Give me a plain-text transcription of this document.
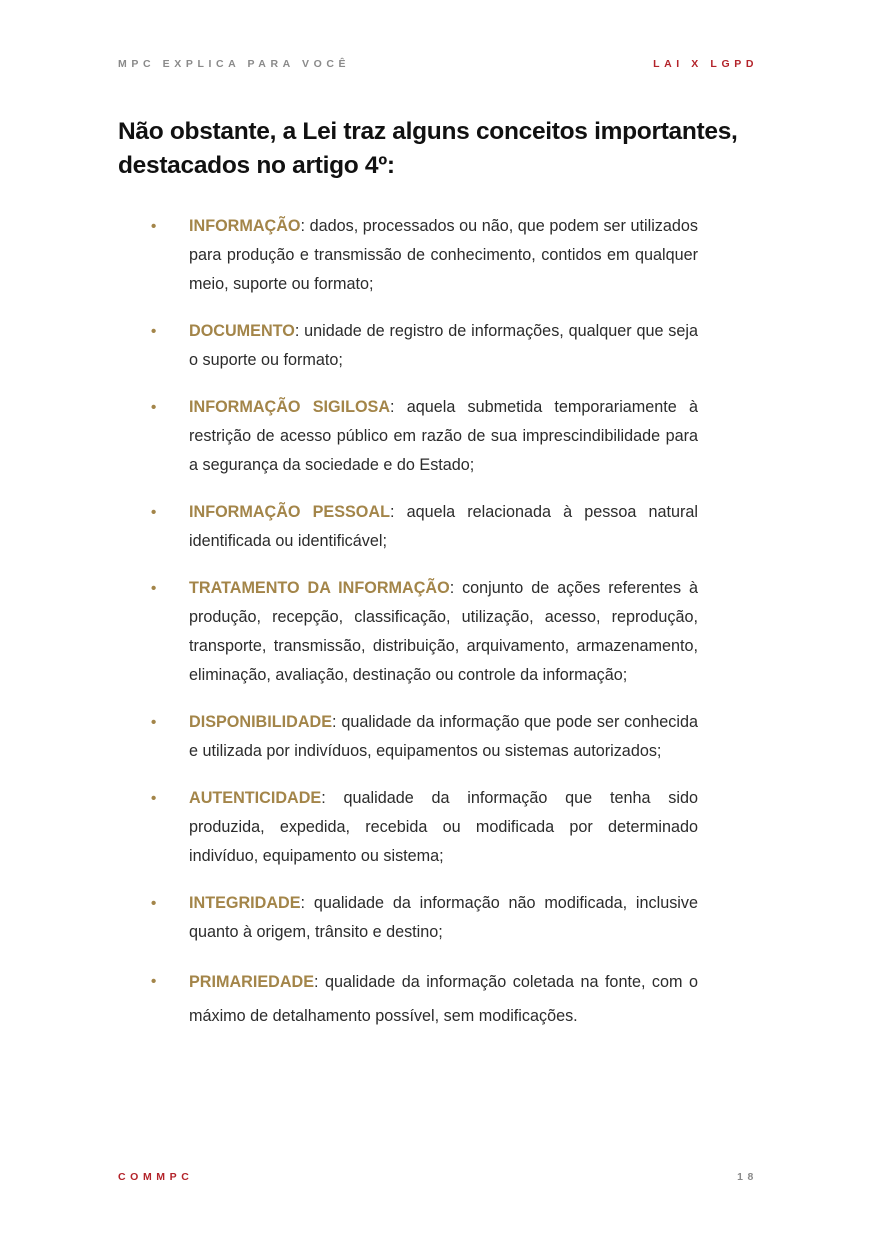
MPC EXPLICA PARA VOCÊ	LAI X LGPD
Não obstante, a Lei traz alguns conceitos importantes, destacados no artigo 4º:
• INFORMAÇÃO: dados, processados ou não, que podem ser utilizados para produção e transmissão de conhecimento, contidos em qualquer meio, suporte ou formato;
• DOCUMENTO: unidade de registro de informações, qualquer que seja o suporte ou formato;
• INFORMAÇÃO SIGILOSA: aquela submetida temporariamente à restrição de acesso público em razão de sua imprescindibilidade para a segurança da sociedade e do Estado;
• INFORMAÇÃO PESSOAL: aquela relacionada à pessoa natural identificada ou identificável;
• TRATAMENTO DA INFORMAÇÃO: conjunto de ações referentes à produção, recepção, classificação, utilização, acesso, reprodução, transporte, transmissão, distribuição, arquivamento, armazenamento, eliminação, avaliação, destinação ou controle da informação;
• DISPONIBILIDADE: qualidade da informação que pode ser conhecida e utilizada por indivíduos, equipamentos ou sistemas autorizados;
• AUTENTICIDADE: qualidade da informação que tenha sido produzida, expedida, recebida ou modificada por determinado indivíduo, equipamento ou sistema;
• INTEGRIDADE: qualidade da informação não modificada, inclusive quanto à origem, trânsito e destino;
• PRIMARIEDADE: qualidade da informação coletada na fonte, com o máximo de detalhamento possível, sem modificações.
COMMPC	18
